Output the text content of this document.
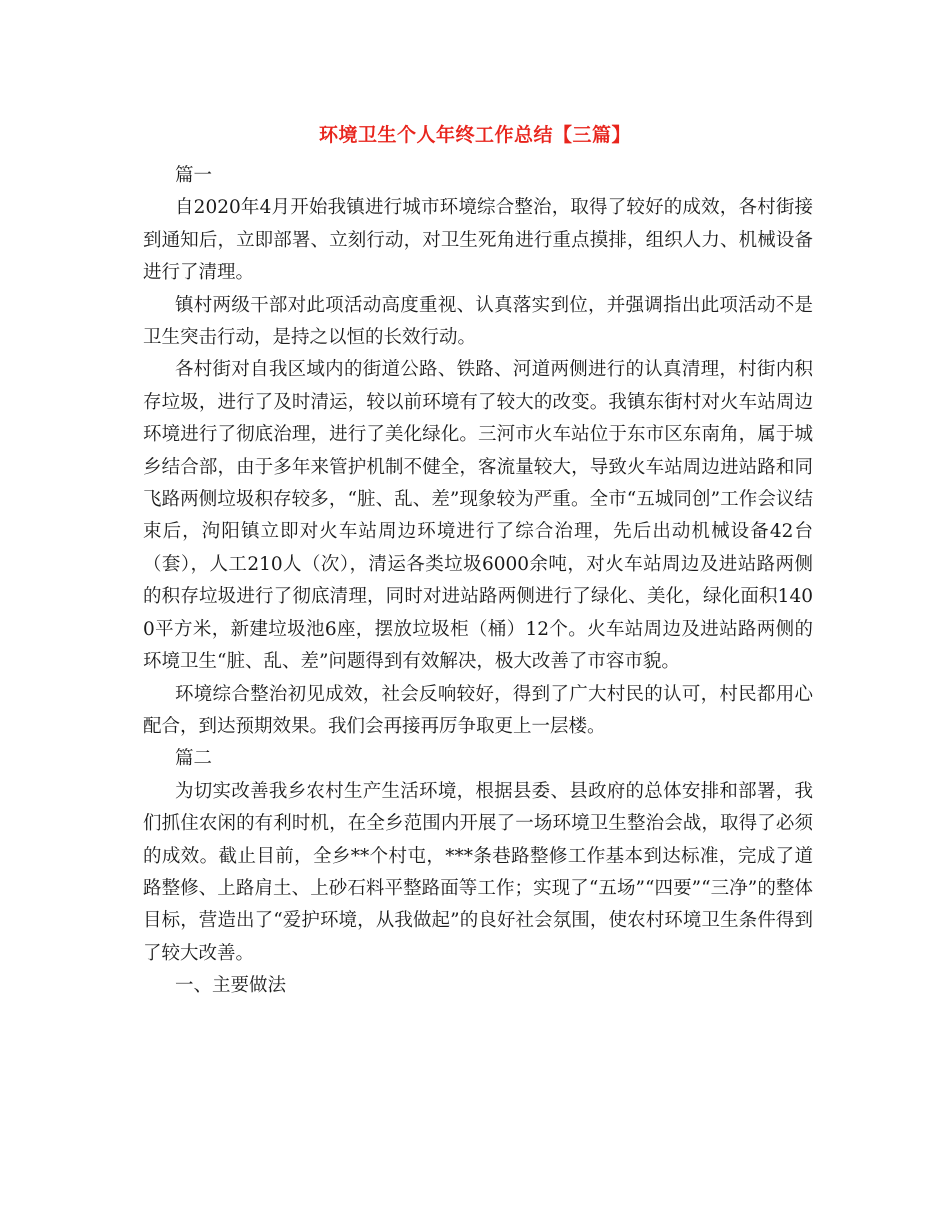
环境卫生个人年终工作总结【三篇】

篇一

自2020年4月开始我镇进行城市环境综合整治，取得了较好的成效，各村街接到通知后，立即部署、立刻行动，对卫生死角进行重点摸排，组织人力、机械设备进行了清理。

镇村两级干部对此项活动高度重视、认真落实到位，并强调指出此项活动不是卫生突击行动，是持之以恒的长效行动。

各村街对自我区域内的街道公路、铁路、河道两侧进行的认真清理，村街内积存垃圾，进行了及时清运，较以前环境有了较大的改变。我镇东街村对火车站周边环境进行了彻底治理，进行了美化绿化。三河市火车站位于东市区东南角，属于城乡结合部，由于多年来管护机制不健全，客流量较大，导致火车站周边进站路和同飞路两侧垃圾积存较多，“脏、乱、差”现象较为严重。全市“五城同创”工作会议结束后，泃阳镇立即对火车站周边环境进行了综合治理，先后出动机械设备42台（套），人工210人（次），清运各类垃圾6000余吨，对火车站周边及进站路两侧的积存垃圾进行了彻底清理，同时对进站路两侧进行了绿化、美化，绿化面积1400平方米，新建垃圾池6座，摆放垃圾柜（桶）12个。火车站周边及进站路两侧的环境卫生“脏、乱、差”问题得到有效解决，极大改善了市容市貌。

环境综合整治初见成效，社会反响较好，得到了广大村民的认可，村民都用心配合，到达预期效果。我们会再接再厉争取更上一层楼。

篇二

为切实改善我乡农村生产生活环境，根据县委、县政府的总体安排和部署，我们抓住农闲的有利时机，在全乡范围内开展了一场环境卫生整治会战，取得了必须的成效。截止目前，全乡**个村屯，***条巷路整修工作基本到达标准，完成了道路整修、上路肩土、上砂石料平整路面等工作；实现了“五场”“四要”“三净”的整体目标，营造出了“爱护环境，从我做起”的良好社会氛围，使农村环境卫生条件得到了较大改善。

一、主要做法
